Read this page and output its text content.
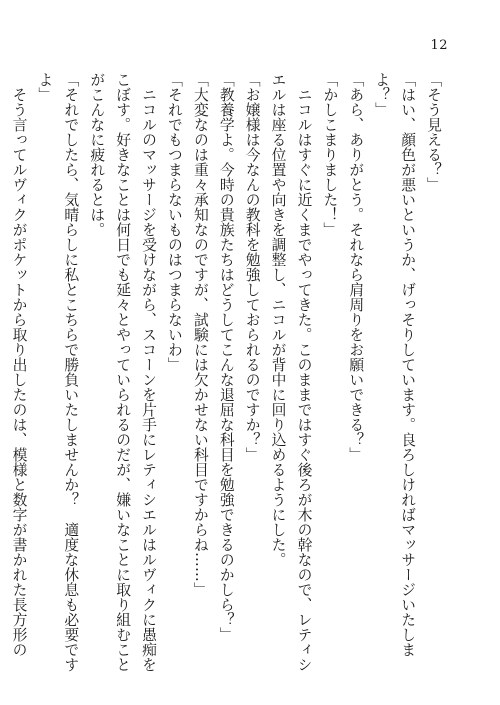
12
「そう見える？」
「はい、顔色が悪いというか、げっそりしています。良ろしければマッサージいたしま
よ？」
「あら、ありがとう。それなら肩周りをお願いできる？」
「かしこまりました！」
　ニコルはすぐに近くまでやってきた。このままではすぐ後ろが木の幹なので、レティシ
エルは座る位置や向きを調整し、ニコルが背中に回り込めるようにした。
「お嬢様は今なんの教科を勉強しておられるのですか？」
「教養学よ。今時の貴族たちはどうしてこんな退屈な科目を勉強できるのかしら？」
「大変なのは重々承知なのですが、試験には欠かせない科目ですからね……」
「それでもつまらないものはつまらないわ」
　ニコルのマッサージを受けながら、スコーンを片手にレティシエルはルヴィクに愚痴を
こぼす。好きなことは何日でも延々とやっていられるのだが、嫌いなことに取り組むこと
がこんなに疲れるとは。
「それでしたら、気晴らしに私とこちらで勝負いたしませんか？　適度な休息も必要です
よ」
　そう言ってルヴィクがポケットから取り出したのは、模様と数字が書かれた長方形の
